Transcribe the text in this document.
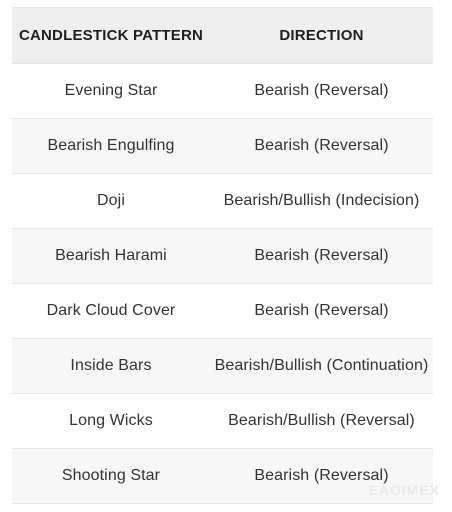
CANDLESTICK PATTERN	DIRECTION
Evening Star	Bearish (Reversal)
Bearish Engulfing	Bearish (Reversal)
Doji	Bearish/Bullish (Indecision)
Bearish Harami	Bearish (Reversal)
Dark Cloud Cover	Bearish (Reversal)
Inside Bars	Bearish/Bullish (Continuation)
Long Wicks	Bearish/Bullish (Reversal)
Shooting Star	Bearish (Reversal)
ЕАОIMEX
